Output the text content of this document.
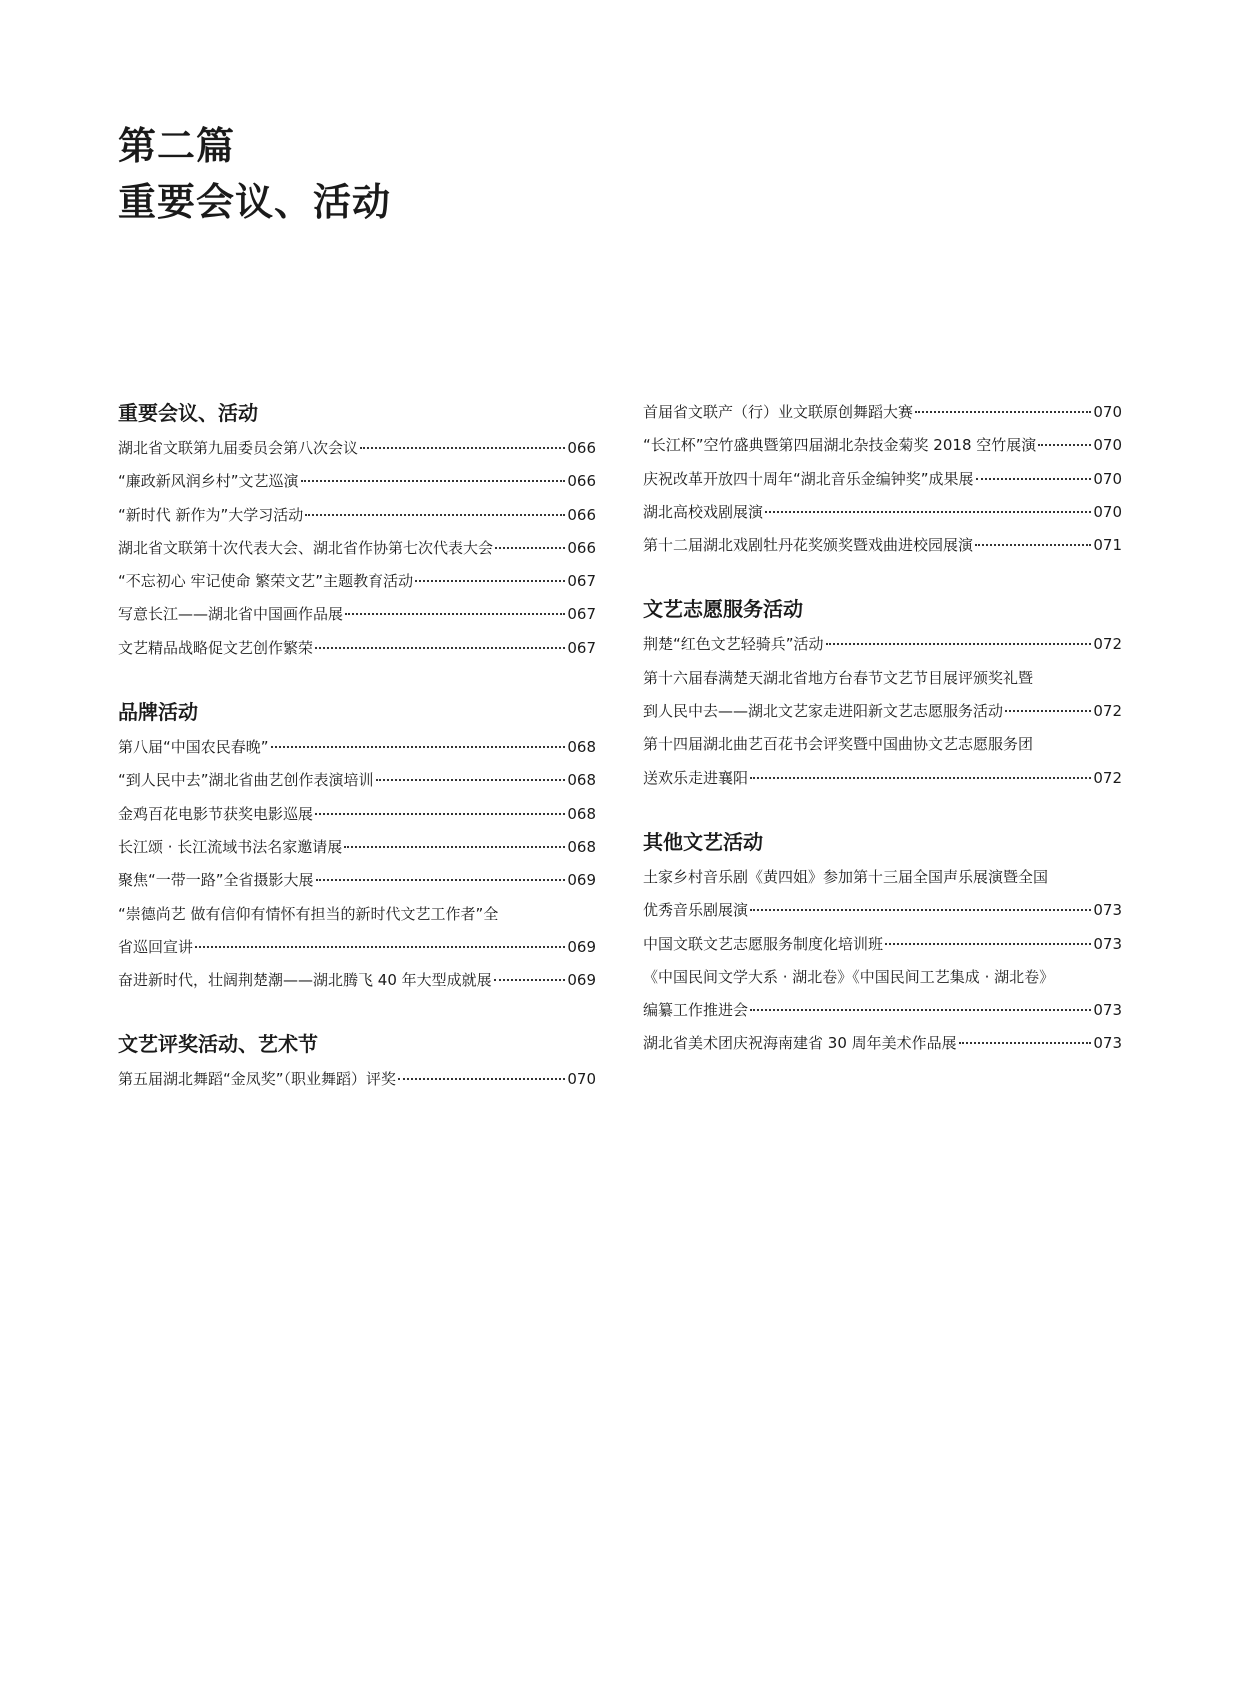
第二篇
重要会议、活动
重要会议、活动
湖北省文联第九届委员会第八次会议	066
“廉政新风润乡村”文艺巡演	066
“新时代 新作为”大学习活动	066
湖北省文联第十次代表大会、湖北省作协第七次代表大会	066
“不忘初心 牢记使命 繁荣文艺”主题教育活动	067
写意长江——湖北省中国画作品展	067
文艺精品战略促文艺创作繁荣	067
品牌活动
第八届“中国农民春晚”	068
“到人民中去”湖北省曲艺创作表演培训	068
金鸡百花电影节获奖电影巡展	068
长江颂 · 长江流域书法名家邀请展	068
聚焦“一带一路”全省摄影大展	069
“崇德尚艺 做有信仰有情怀有担当的新时代文艺工作者”全
省巡回宣讲	069
奋进新时代，壮阔荆楚潮——湖北腾飞 40 年大型成就展	069
文艺评奖活动、艺术节
第五届湖北舞蹈“金凤奖”（职业舞蹈）评奖	070
首届省文联产（行）业文联原创舞蹈大赛	070
“长江杯”空竹盛典暨第四届湖北杂技金菊奖 2018 空竹展演	070
庆祝改革开放四十周年“湖北音乐金编钟奖”成果展	070
湖北高校戏剧展演	070
第十二届湖北戏剧牡丹花奖颁奖暨戏曲进校园展演	071
文艺志愿服务活动
荆楚“红色文艺轻骑兵”活动	072
第十六届春满楚天湖北省地方台春节文艺节目展评颁奖礼暨
到人民中去——湖北文艺家走进阳新文艺志愿服务活动	072
第十四届湖北曲艺百花书会评奖暨中国曲协文艺志愿服务团
送欢乐走进襄阳	072
其他文艺活动
土家乡村音乐剧《黄四姐》参加第十三届全国声乐展演暨全国
优秀音乐剧展演	073
中国文联文艺志愿服务制度化培训班	073
《中国民间文学大系 · 湖北卷》《中国民间工艺集成 · 湖北卷》
编纂工作推进会	073
湖北省美术团庆祝海南建省 30 周年美术作品展	073
